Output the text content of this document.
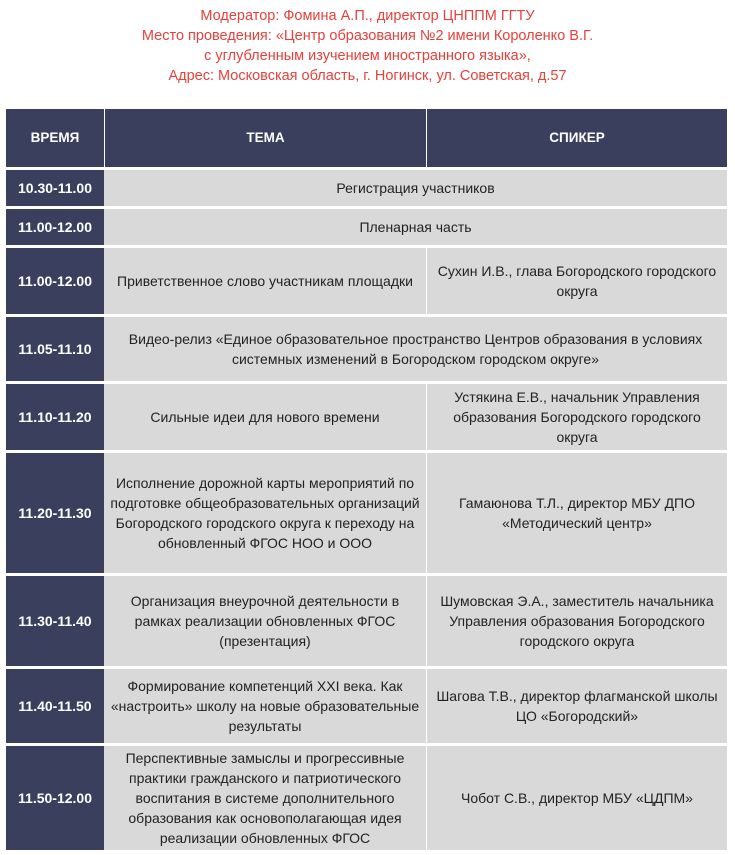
Модератор: Фомина А.П., директор ЦНППМ ГГТУ
Место проведения: «Центр образования №2 имени Короленко В.Г.
с углубленным изучением иностранного языка»,
Адрес: Московская область, г. Ногинск, ул. Советская, д.57
ВРЕМЯ	ТЕМА	СПИКЕР
10.30-11.00	Регистрация участников	
11.00-12.00	Пленарная часть	
11.00-12.00	Приветственное слово участникам площадки	Сухин И.В., глава Богородского городского округа
11.05-11.10	Видео-релиз «Единое образовательное пространство Центров образования в условиях системных изменений в Богородском городском округе»	
11.10-11.20	Сильные идеи для нового времени	Устякина Е.В., начальник Управления образования Богородского городского округа
11.20-11.30	Исполнение дорожной карты мероприятий по подготовке общеобразовательных организаций Богородского городского округа к переходу на обновленный ФГОС НОО и ООО	Гамаюнова Т.Л., директор МБУ ДПО «Методический центр»
11.30-11.40	Организация внеурочной деятельности в рамках реализации обновленных ФГОС (презентация)	Шумовская Э.А., заместитель начальника Управления образования Богородского городского округа
11.40-11.50	Формирование компетенций XXI века. Как «настроить» школу на новые образовательные результаты	Шагова Т.В., директор флагманской школы ЦО «Богородский»
11.50-12.00	Перспективные замыслы и прогрессивные практики гражданского и патриотического воспитания в системе дополнительного образования как основополагающая идея реализации обновленных ФГОС	Чобот С.В., директор МБУ «ЦДПМ»
